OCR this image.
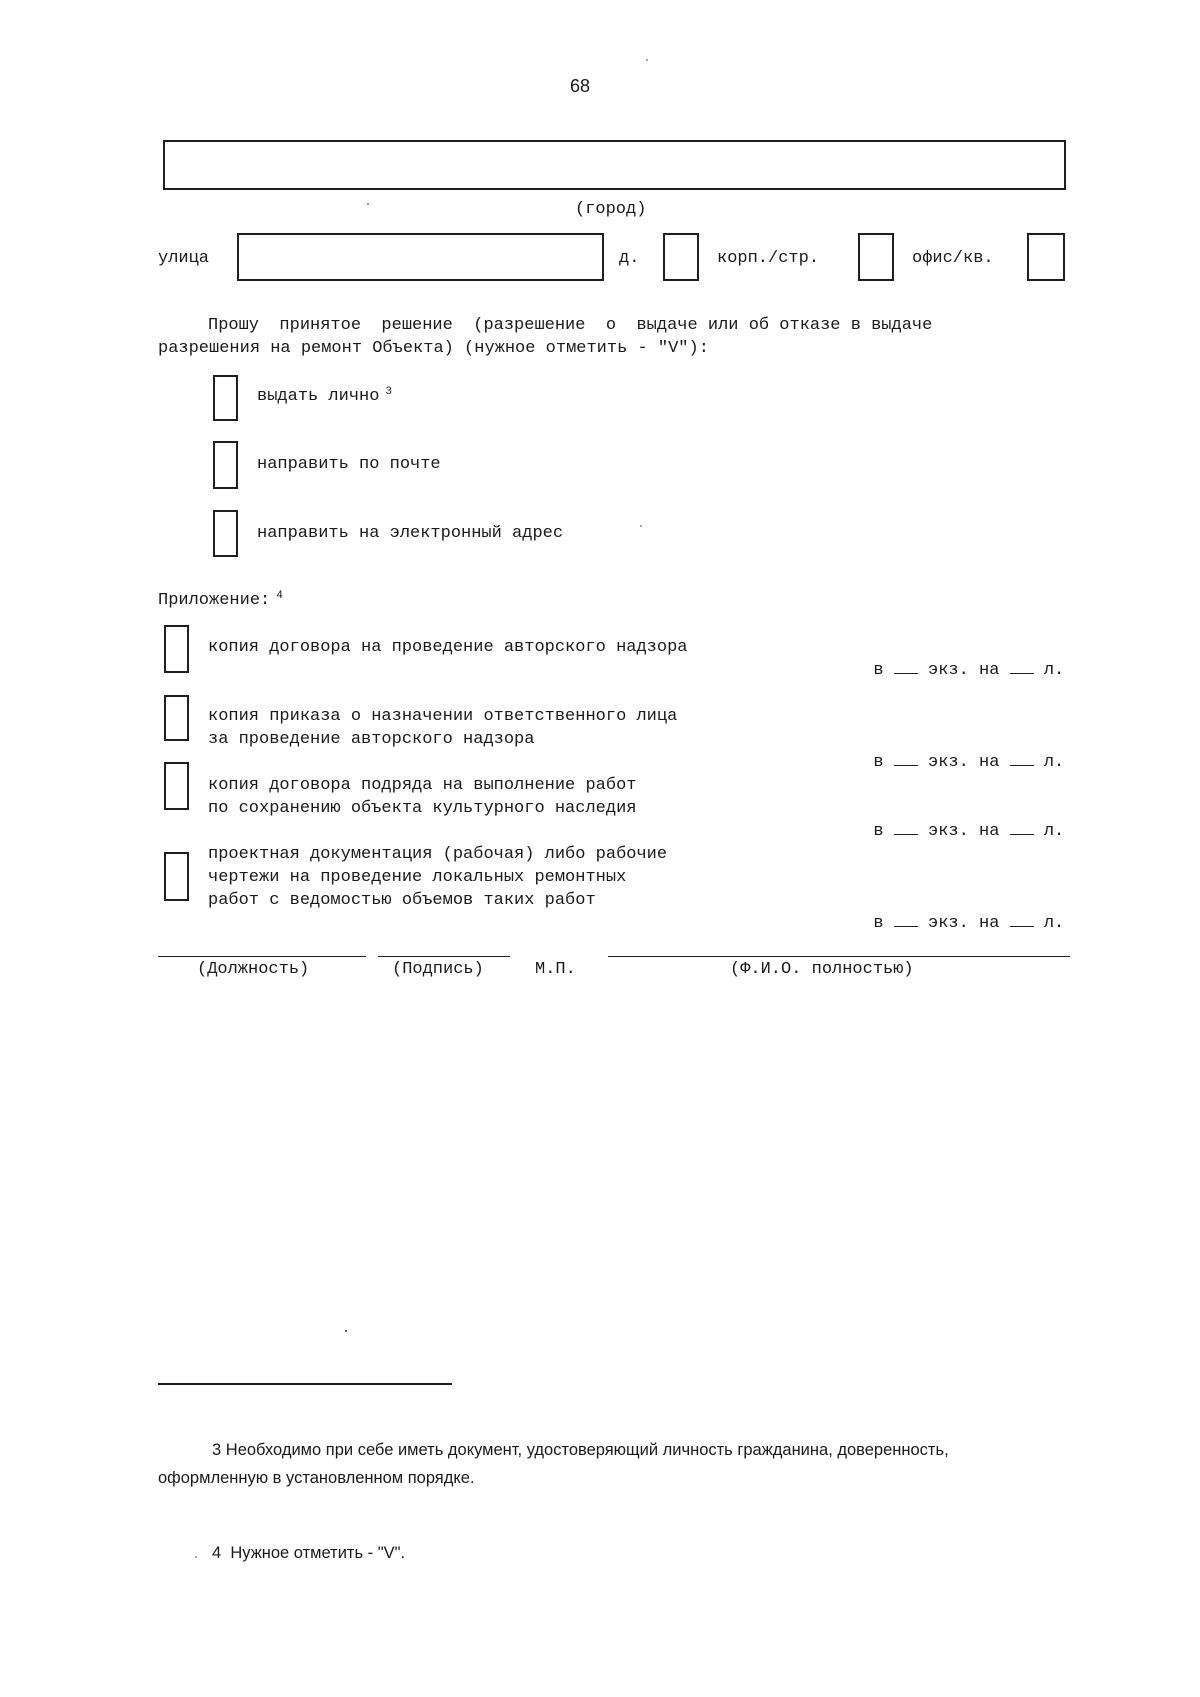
68
(город)
улица	д.	корп./стр.	офис/кв.
Прошу  принятое  решение  (разрешение  о  выдаче или об отказе в выдаче
разрешения на ремонт Объекта) (нужное отметить - "V"):
выдать лично $^3$
направить по почте
направить на электронный адрес
Приложение: $^4$
копия договора на проведение авторского надзора

в	экз. на	л.

копия приказа о назначении ответственного лица
за проведение авторского надзора

в	экз. на	л.

копия договора подряда на выполнение работ
по сохранению объекта культурного наследия

в	экз. на	л.

проектная документация (рабочая) либо рабочие
чертежи на проведение локальных ремонтных
работ с ведомостью объемов таких работ

в	экз. на	л.

(Должность)	(Подпись)	М.П.	(Ф.И.О. полностью)
3 Необходимо при себе иметь документ, удостоверяющий личность гражданина, доверенность,
оформленную в установленном порядке.
4 Нужное отметить - "V".
